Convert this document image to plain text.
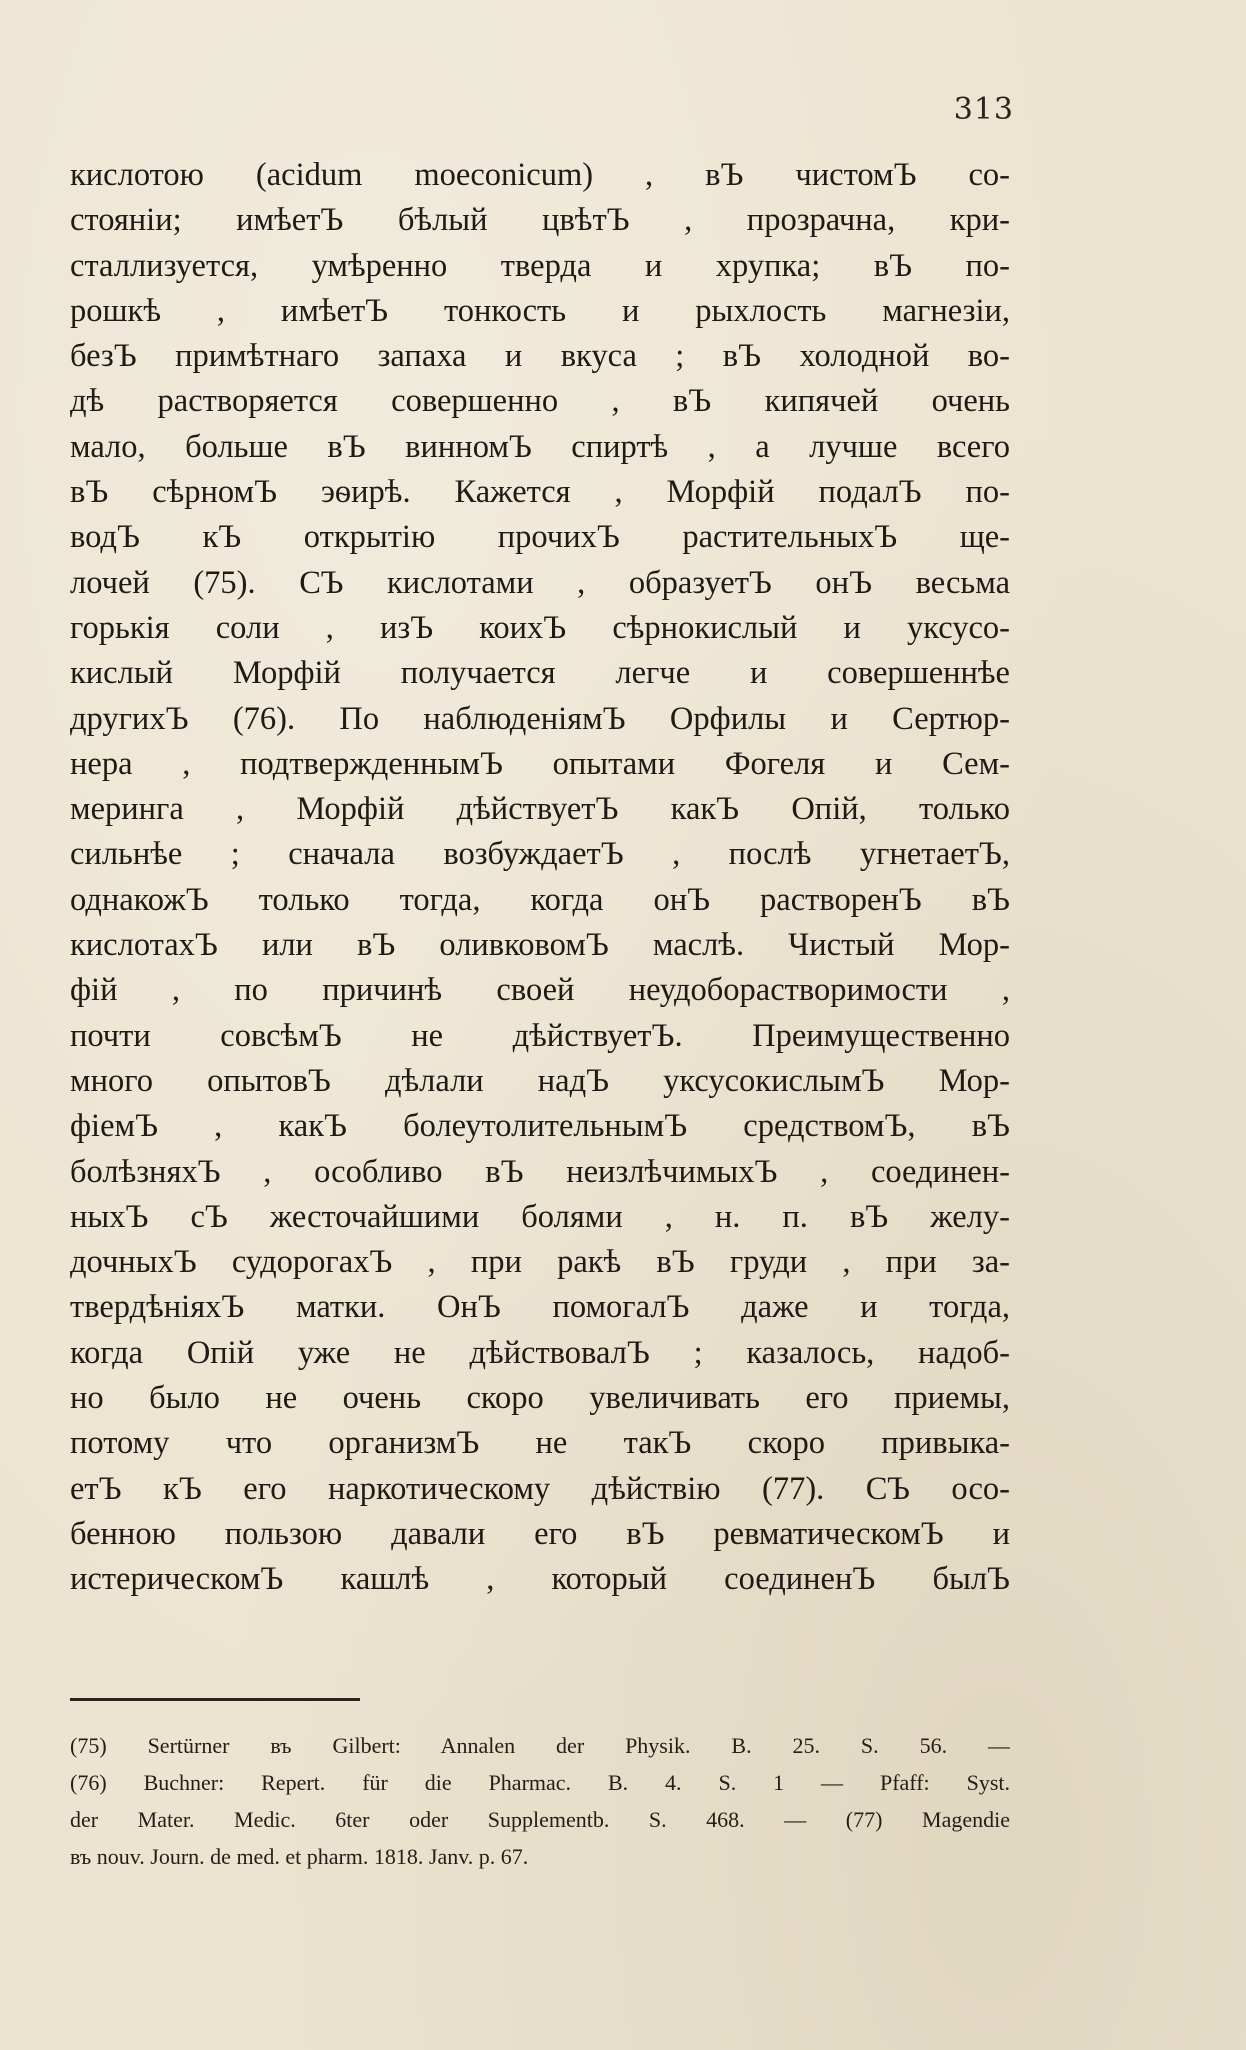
313
кислотою (acidum moeconicum) , вЪ чистомЪ со-
стояніи; имѣетЪ бѣлый цвѣтЪ , прозрачна, кри-
сталлизуется, умѣренно тверда и хрупка; вЪ по-
рошкѣ , имѣетЪ тонкость и рыхлость магнезіи,
безЪ примѣтнаго запаха и вкуса ; вЪ холодной во-
дѣ растворяется совершенно , вЪ кипячей очень
мало, больше вЪ винномЪ спиртѣ , а лучше всего
вЪ сѣрномЪ эѳирѣ. Кажется , Морфій подалЪ по-
водЪ кЪ открытію прочихЪ растительныхЪ ще-
лочей (75). СЪ кислотами , образуетЪ онЪ весьма
горькія соли , изЪ коихЪ сѣрнокислый и уксусо-
кислый Морфій получается легче и совершеннѣе
другихЪ (76). По наблюденіямЪ Орфилы и Сертюр-
нера , подтвержденнымЪ опытами Фогеля и Сем-
меринга , Морфій дѣйствуетЪ какЪ Опій, только
сильнѣе ; сначала возбуждаетЪ , послѣ угнетаетЪ,
однакожЪ только тогда, когда онЪ растворенЪ вЪ
кислотахЪ или вЪ оливковомЪ маслѣ. Чистый Мор-
фій , по причинѣ своей неудоборастворимости ,
почти совсѣмЪ не дѣйствуетЪ. Преимущественно
много опытовЪ дѣлали надЪ уксусокислымЪ Мор-
фіемЪ , какЪ болеутолительнымЪ средствомЪ, вЪ
болѣзняхЪ , особливо вЪ неизлѣчимыхЪ , соединен-
ныхЪ сЪ жесточайшими болями , н. п. вЪ желу-
дочныхЪ судорогахЪ , при ракѣ вЪ груди , при за-
твердѣніяхЪ матки. ОнЪ помогалЪ даже и тогда,
когда Опій уже не дѣйствовалЪ ; казалось, надоб-
но было не очень скоро увеличивать его приемы,
потому что организмЪ не такЪ скоро привыка-
етЪ кЪ его наркотическому дѣйствію (77). СЪ осо-
бенною пользою давали его вЪ ревматическомЪ и
истерическомЪ кашлѣ , который соединенЪ былЪ
(75) Sertürner въ Gilbert: Annalen der Physik. B. 25. S. 56. —
(76) Buchner: Repert. für die Pharmac. B. 4. S. 1 — Pfaff: Syst.
der Mater. Medic. 6ter oder Supplementb. S. 468. — (77) Magendie
въ nouv. Journ. de med. et pharm. 1818. Janv. p. 67.
